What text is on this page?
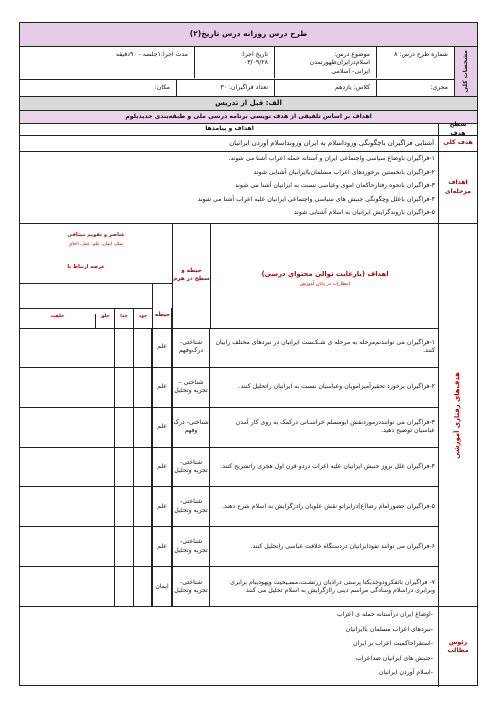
طرح درس روزانه درس تاریخ(۲)
مشخصات کلی
شماره طرح درس: ۸
موضوع درس: اسلام‌در‌ایران‌ظهور‌تمدن
ایرانی- اسلامی
تاریخ اجرا:
۰۳/۰۹/۲۸
مدت اجرا:۱جلسه - ۹۰دقیقه
مجری:
کلاس: یازدهم
تعداد فراگیران: ۳۰
مکان:
الف: قبل از تدریس
اهداف بر اساس تلفیقی از هدف نویسی برنامه درسی ملی و طبقه‌بندی جدیدبلوم
سطح هدف
اهداف و پیامدها
هدف کلی
آشنایی فراگیران باچگونگی ورود‌اسلام به ایران وروند‌اسلام آوردن ایرانیان
اهداف مرحله‌ای
۱-فراگیران باوضاع سیاسی واجتماعی ایران و آستانه حمله اعراب آشنا می شوند.
۲-فراگیران بانخستین برخوردهای اعراب مسلمان‌با‌ایرانیان آشنایی شوند
۳-فراگیران بانحوه رفتارحاکمان اموی وعباسی نسبت به ایرانیان آشنا می شوند
۴-فراگیران باعلل وچگونگی جنبش های سیاسی واجتماعی ایرانیان علیه اعراب آشنا می شوند
۵-فراگیران باروندگرایش ایرانیان به اسلام آشنایی شوند
هدف‌های رفتاری آموزشی
اهداف (بارعایت توالی محتوای درسی)
انتظارات در پایان آموزش
حیطه و سطح در هرم
حیطه
عناصر و تفویم میثاقی
تفکر، ایمان، علم، عمل، اخلاق
عرصه ارتباط با
خود
خدا
خلق
خلقت
۱-فراگیران می توانندنم‌مرحله به مرحله ی شـکـست ایرانیان در نبردهای مختلف رابیان کنند.
شناختی-درک‌وفهم
علم
۲-فراگیران برخورد تحقیرآمیزامویان وعباسیان نسبت به ایرانیان راتحلیل کنند.
شناختی – تجزیه وتحلیل
علم
۳-فراگیران می تواننددرموردنقش ابومسلم خراسـانی درکمک به روی کار آمدن عباسیان توضیح دهید.
شناختی- درک وفهم
علم
۴-فراگیران علل بروز جنبش ایرانیان علیه اعراب دردو قرن اول هجری راتشریح کنند.
شناختی- تجزیه وتحلیل
علم
۵-فراگیران حضورامام رضا(ع)درایرانو نقش علویان رادرگرایش به اسلام شرح دهند.
شناختی- تجزیه وتحلیل
علم
۶-فراگیران می توانند تفوذایرانیان دردستگاه خلافت عباسی راتحلیل کنند.
شناختی- تجزیه وتحلیل
علم
۷- فراگیران باتفکرودوجدیکتا پرستی درادیان زرتشـت،مسـیحیت ویهودیبام برابری وبرابری دراسلام وسادگی مراسم دینی راازگرایش به اسلام تحلیل می کنند
شناختی- تجزیه وتحلیل
ایمان
رئوس مطالب
-اوضاع ایران درآستانه حمله ی اعراب
-نبردهای اعراب مسلمان باایرانیان
-استقراحاکمیت اعراب بر ایران
-جنبش های ایرانیان ضداعراب
-اسلام آوردن ایرانیان
